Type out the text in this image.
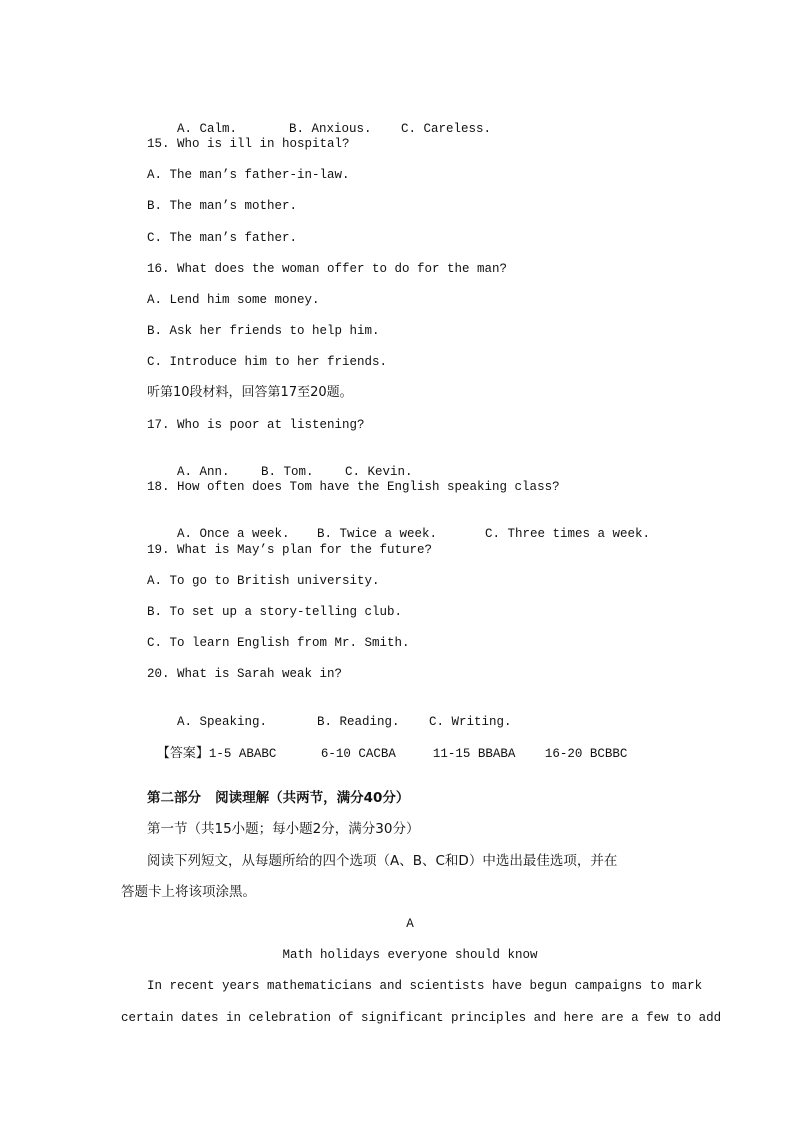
A. Calm.	B. Anxious. C. Careless.

15. Who is ill in hospital?
A. The man’s father-in-law.
B. The man’s mother.
C. The man’s father.
16. What does the woman offer to do for the man?
A. Lend him some money.
B. Ask her friends to help him.
C. Introduce him to her friends.
听第10段材料，回答第17至20题。
17. Who is poor at listening?

A. Ann.	B. Tom.	C. Kevin.

18. How often does Tom have the English speaking class?

A. Once a week. B. Twice a week.	C. Three times a week.

19. What is May’s plan for the future?
A. To go to British university.
B. To set up a story-telling club.
C. To learn English from Mr. Smith.
20. What is Sarah weak in?

A. Speaking.	B. Reading. C. Writing.

【答案】1-5 ABABC	6-10 CACBA	11-15 BBABA 16-20 BCBBC

第二部分   阅读理解（共两节，满分40分）
第一节（共15小题；每小题2分，满分30分）
阅读下列短文，从每题所给的四个选项（A、B、C和D）中选出最佳选项，并在
答题卡上将该项涂黑。
A
Math holidays everyone should know
In recent years mathematicians and scientists have begun campaigns to mark
certain dates in celebration of significant principles and here are a few to add
